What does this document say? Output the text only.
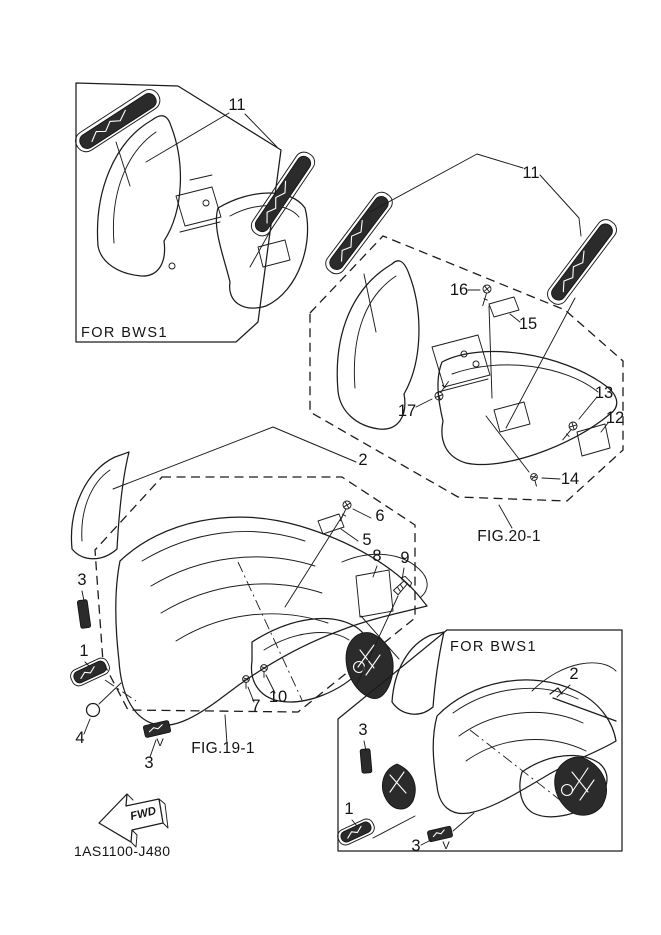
11
FOR BWS1
11
16
15
17
13
12
14
FIG.20-1
3
1
4	V
3
5
6
8 9
7 10
2
FIG.19-1
2
3
1
V
3
FOR BWS1
FWD
1AS1100-J480
